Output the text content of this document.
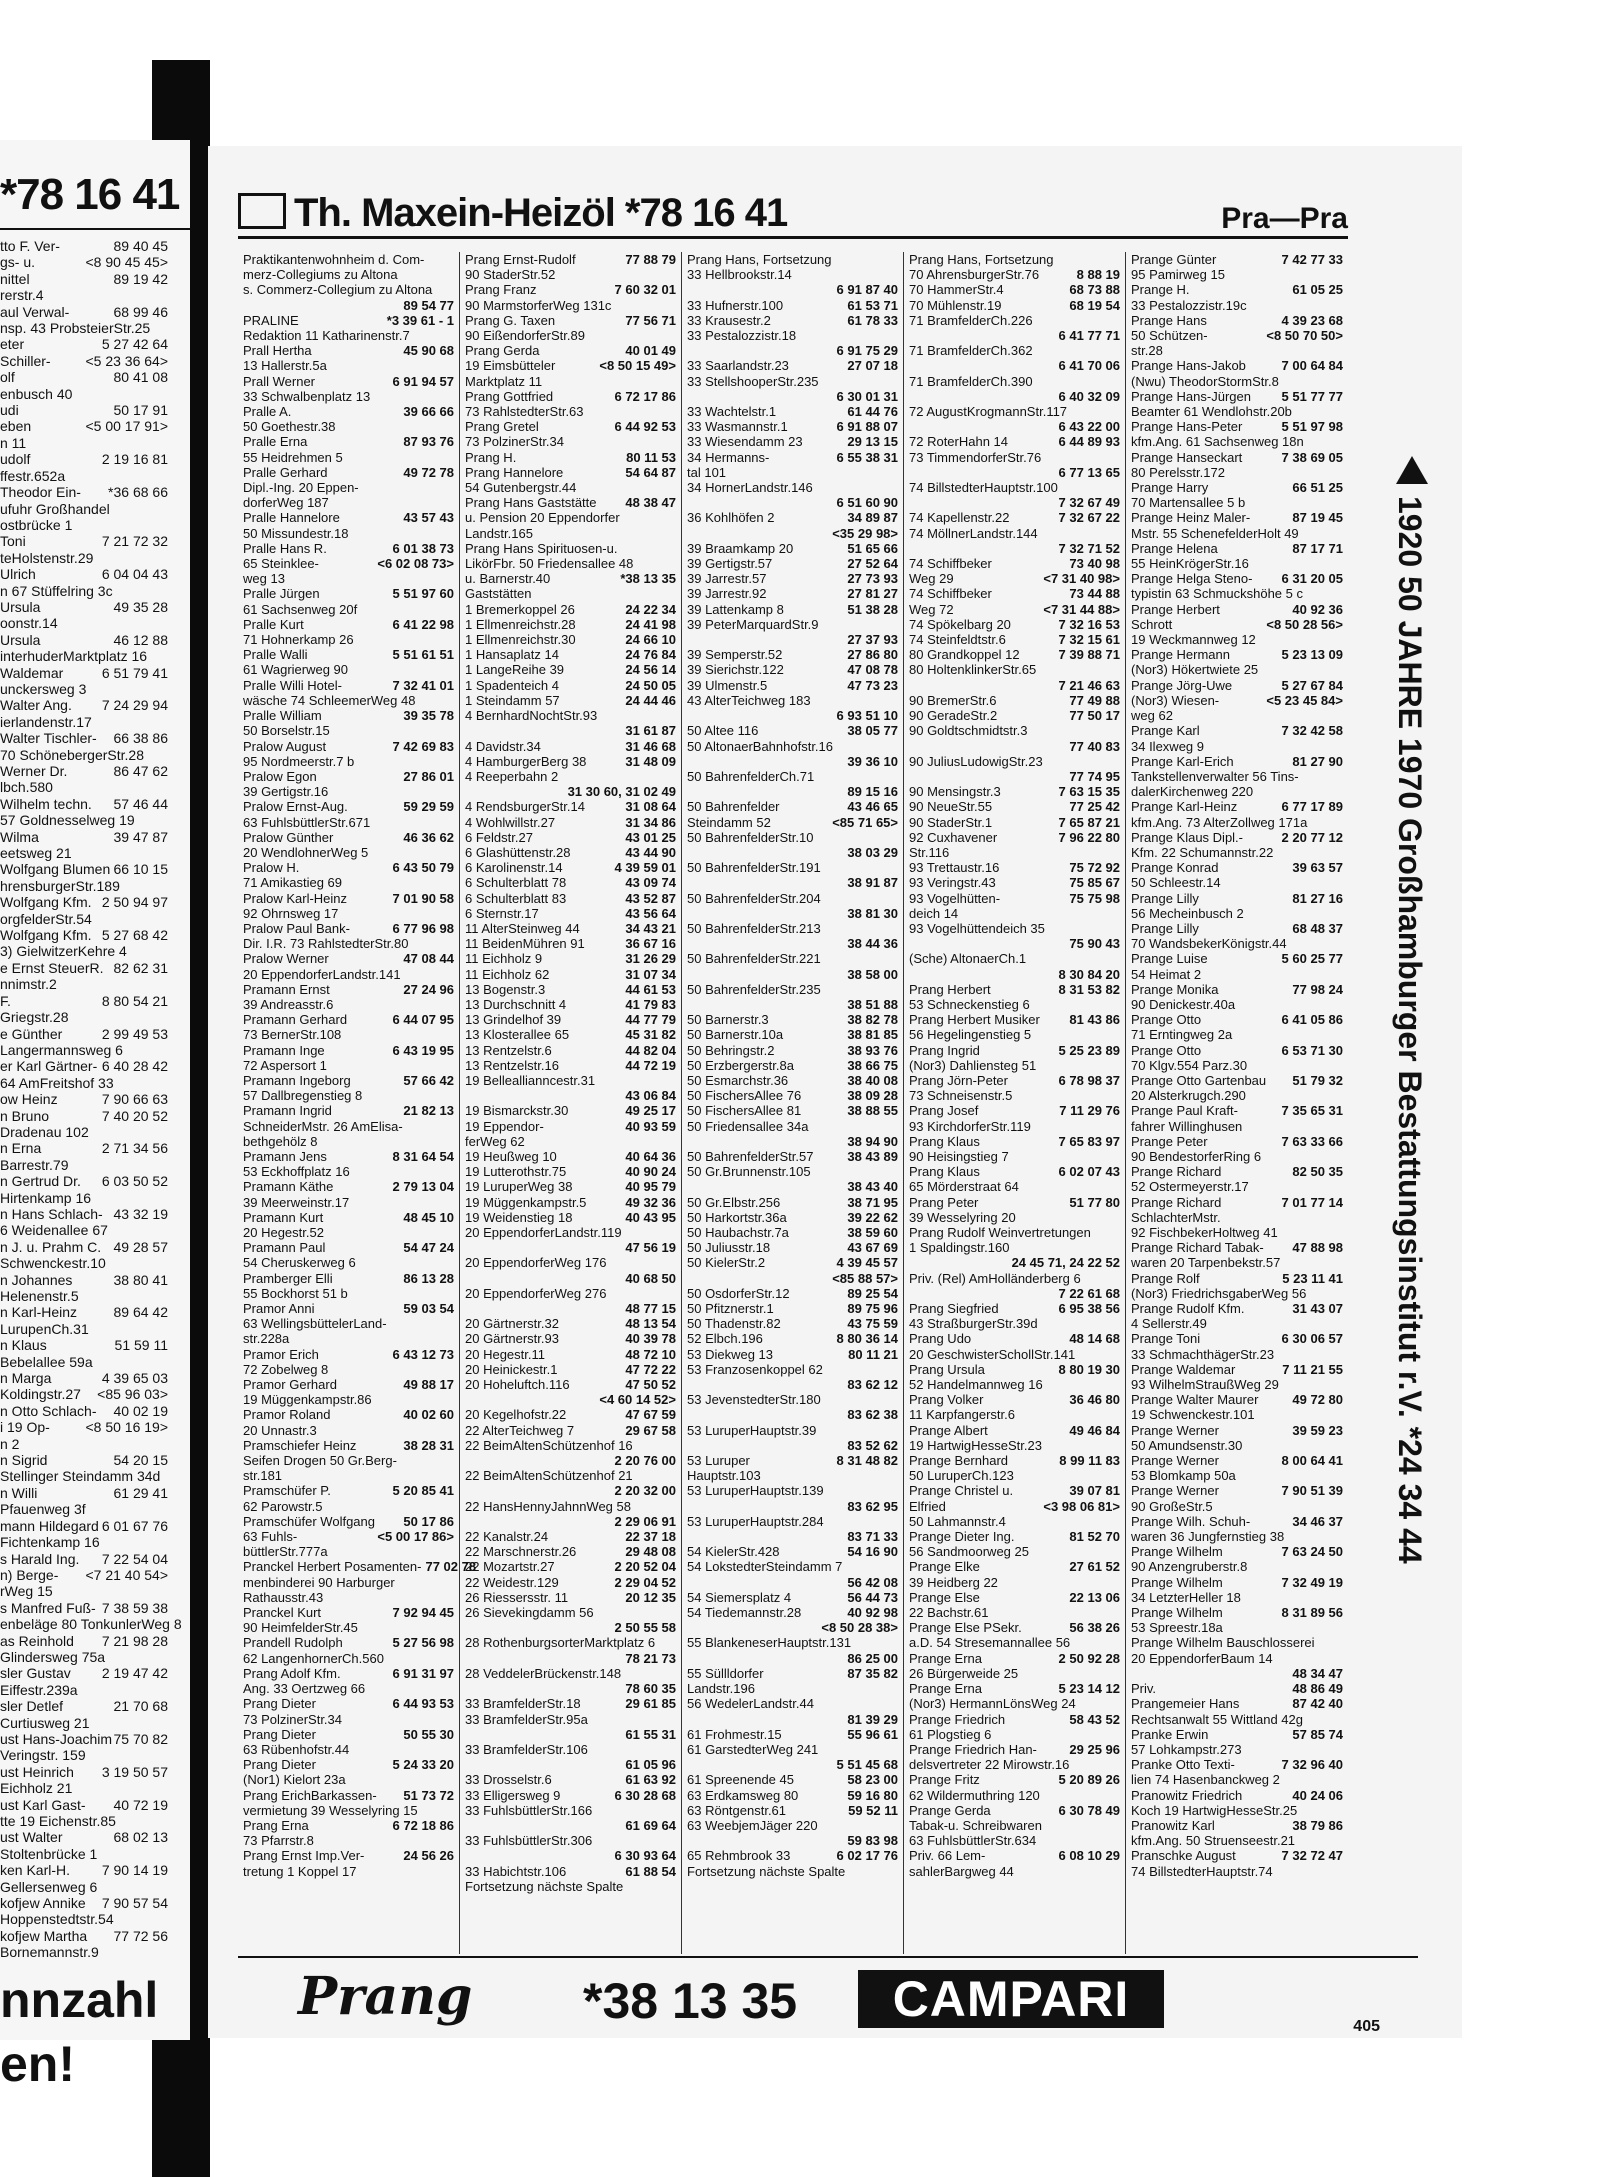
*78 16 41
tto F. Ver-	89 40 45
gs- u.	<8 90 45 45>
nittel	89 19 42
rerstr.4
aul Verwal-	68 99 46
nsp. 43 ProbsteierStr.25
eter	5 27 42 64
Schiller- <5 23 36 64>
olf	80 41 08
enbusch 40
udi	50 17 91
eben	<5 00 17 91>
n 11
udolf	2 19 16 81
ffestr.652a
Theodor Ein- *36 68 66
ufuhr Großhandel
ostbrücke 1
Toni	7 21 72 32
teHolstenstr.29
Ulrich	6 04 04 43
n 67 Stüffelring 3c
Ursula	49 35 28
oonstr.14
Ursula	46 12 88
interhuderMarktplatz 16
Waldemar	6 51 79 41
unckersweg 3
Walter Ang. 7 24 29 94
ierlandenstr.17
Walter Tischler- 66 38 86
70 SchönebergerStr.28
Werner Dr.	86 47 62
lbch.580
Wilhelm techn. 57 46 44
57 Goldnesselweg 19
Wilma	39 47 87
eetsweg 21
Wolfgang Blumen 66 10 15
hrensburgerStr.189
Wolfgang Kfm. 2 50 94 97
orgfelderStr.54
Wolfgang Kfm. 5 27 68 42
3) GielwitzerKehre 4
e Ernst SteuerR. 82 62 31
nnimstr.2
F.	8 80 54 21
Griegstr.28
e Günther	2 99 49 53
Langermannsweg 6
er Karl Gärtner- 6 40 28 42
64 AmFreitshof 33
ow Heinz	7 90 66 63
n Bruno	7 40 20 52
Dradenau 102
n Erna	2 71 34 56
Barrestr.79
n Gertrud Dr. 6 03 50 52
Hirtenkamp 16
n Hans Schlach- 43 32 19
6 Weidenallee 67
n J. u. Prahm C. 49 28 57
Schwenckestr.10
n Johannes	38 80 41
Helenenstr.5
n Karl-Heinz	89 64 42
LurupenCh.31
n Klaus	51 59 11
Bebelallee 59a
n Marga	4 39 65 03
Koldingstr.27 <85 96 03>
n Otto Schlach- 40 02 19
i 19 Op-	<8 50 16 19>
n 2
n Sigrid	54 20 15
Stellinger Steindamm 34d
n Willi	61 29 41
Pfauenweg 3f
mann Hildegard 6 01 67 76
Fichtenkamp 16
s Harald Ing. 7 22 54 04
n) Berge- <7 21 40 54>
rWeg 15
s Manfred Fuß- 7 38 59 38
enbeläge 80 TonkunlerWeg 8
as Reinhold 7 21 98 28
Glindersweg 75a
sler Gustav 2 19 47 42
Eiffestr.239a
sler Detlef	21 70 68
Curtiusweg 21
ust Hans-Joachim 75 70 82
Veringstr. 159
ust Heinrich 3 19 50 57
Eichholz 21
ust Karl Gast- 40 72 19
tte 19 Eichenstr.85
ust Walter	68 02 13
Stoltenbrücke 1
ken Karl-H. 7 90 14 19
Gellersenweg 6
kofjew Annike 7 90 57 54
Hoppenstedtstr.54
kofjew Martha 77 72 56
Bornemannstr.9
nnzahl
en!
Th. Maxein-Heizöl *78 16 41	Pra—Pra
Praktikantenwohnheim d. Com-
merz-Collegiums zu Altona
s. Commerz-Collegium zu Altona
89 54 77
PRALINE	*3 39 61 - 1
Redaktion 11 Katharinenstr.7
Prall Hertha	45 90 68
13 Hallerstr.5a
Prall Werner	6 91 94 57
33 Schwalbenplatz 13
Pralle A.	39 66 66
50 Goethestr.38
Pralle Erna	87 93 76
55 Heidrehmen 5
Pralle Gerhard	49 72 78
Dipl.-Ing. 20 Eppen-
dorferWeg 187
Pralle Hannelore	43 57 43
50 Missundestr.18
Pralle Hans R.	6 01 38 73
65 Steinklee-	<6 02 08 73>
weg 13
Pralle Jürgen	5 51 97 60
61 Sachsenweg 20f
Pralle Kurt	6 41 22 98
71 Hohnerkamp 26
Pralle Walli	5 51 61 51
61 Wagrierweg 90
Pralle Willi Hotel-	7 32 41 01
wäsche 74 SchleemerWeg 48
Pralle William	39 35 78
50 Borselstr.15
Pralow August	7 42 69 83
95 Nordmeerstr.7 b
Pralow Egon	27 86 01
39 Gertigstr.16
Pralow Ernst-Aug.	59 29 59
63 FuhlsbüttlerStr.671
Pralow Günther	46 36 62
20 WendlohnerWeg 5
Pralow H.	6 43 50 79
71 Amikastieg 69
Pralow Karl-Heinz	7 01 90 58
92 Ohrnsweg 17
Pralow Paul Bank-	6 77 96 98
Dir. I.R. 73 RahlstedterStr.80
Pralow Werner	47 08 44
20 EppendorferLandstr.141
Pramann Ernst	27 24 96
39 Andreasstr.6
Pramann Gerhard	6 44 07 95
73 BernerStr.108
Pramann Inge	6 43 19 95
72 Aspersort 1
Pramann Ingeborg	57 66 42
57 Dallbregenstieg 8
Pramann Ingrid	21 82 13
SchneiderMstr. 26 AmElisa-
bethgehölz 8
Pramann Jens	8 31 64 54
53 Eckhoffplatz 16
Pramann Käthe	2 79 13 04
39 Meerweinstr.17
Pramann Kurt	48 45 10
20 Hegestr.52
Pramann Paul	54 47 24
54 Cheruskerweg 6
Pramberger Elli	86 13 28
55 Bockhorst 51 b
Pramor Anni	59 03 54
63 WellingsbüttelerLand-
str.228a
Pramor Erich	6 43 12 73
72 Zobelweg 8
Pramor Gerhard	49 88 17
19 Müggenkampstr.86
Pramor Roland	40 02 60
20 Unnastr.3
Pramschiefer Heinz	38 28 31
Seifen Drogen 50 Gr.Berg-
str.181
Pramschüfer P.	5 20 85 41
62 Parowstr.5
Pramschüfer Wolfgang	50 17 86
63 Fuhls-	<5 00 17 86>
büttlerStr.777a
Pranckel Herbert Posamenten- 77 02 78
menbinderei 90 Harburger
Rathausstr.43
Pranckel Kurt	7 92 94 45
90 HeimfelderStr.45
Prandell Rudolph	5 27 56 98
62 LangenhornerCh.560
Prang Adolf Kfm.	6 91 31 97
Ang. 33 Oertzweg 66
Prang Dieter	6 44 93 53
73 PolzinerStr.34
Prang Dieter	50 55 30
63 Rübenhofstr.44
Prang Dieter	5 24 33 20
(Nor1) Kielort 23a
Prang ErichBarkassen-	51 73 72
vermietung 39 Wesselyring 15
Prang Erna	6 72 18 86
73 Pfarrstr.8
Prang Ernst Imp.Ver-	24 56 26
tretung 1 Koppel 17
Prang Ernst-Rudolf	77 88 79
90 StaderStr.52
Prang Franz	7 60 32 01
90 MarmstorferWeg 131c
Prang G. Taxen	77 56 71
90 EißendorferStr.89
Prang Gerda	40 01 49
19 Eimsbütteler	<8 50 15 49>
Marktplatz 11
Prang Gottfried	6 72 17 86
73 RahlstedterStr.63
Prang Gretel	6 44 92 53
73 PolzinerStr.34
Prang H.	80 11 53
Prang Hannelore	54 64 87
54 Gutenbergstr.44
Prang Hans Gaststätte	48 38 47
u. Pension 20 Eppendorfer
Landstr.165
Prang Hans Spirituosen-u.
LikörFbr. 50 Friedensallee 48
u. Barnerstr.40	*38 13 35
Gaststätten
1 Bremerkoppel 26	24 22 34
1 Ellmenreichstr.28	24 41 98
1 Ellmenreichstr.30	24 66 10
1 Hansaplatz 14	24 76 84
1 LangeReihe 39	24 56 14
1 Spadenteich 4	24 50 05
1 Steindamm 57	24 44 46
4 BernhardNochtStr.93
31 61 87
4 Davidstr.34	31 46 68
4 HamburgerBerg 38	31 48 09
4 Reeperbahn 2
31 30 60, 31 02 49
4 RendsburgerStr.14	31 08 64
4 Wohlwillstr.27	31 34 86
6 Feldstr.27	43 01 25
6 Glashüttenstr.28	43 44 90
6 Karolinenstr.14	4 39 59 01
6 Schulterblatt 78	43 09 74
6 Schulterblatt 83	43 52 87
6 Sternstr.17	43 56 64
11 AlterSteinweg 44	34 43 21
11 BeidenMühren 91	36 67 16
11 Eichholz 9	31 26 29
11 Eichholz 62	31 07 34
13 Bogenstr.3	44 61 53
13 Durchschnitt 4	41 79 83
13 Grindelhof 39	44 77 79
13 Klosterallee 65	45 31 82
13 Rentzelstr.6	44 82 04
13 Rentzelstr.16	44 72 19
19 Belleallianncestr.31
43 06 84
19 Bismarckstr.30	49 25 17
19 Eppendor-	40 93 59
ferWeg 62
19 Heußweg 10	40 64 36
19 Lutterothstr.75	40 90 24
19 LuruperWeg 38	40 95 79
19 Müggenkampstr.5	49 32 36
19 Weidenstieg 18	40 43 95
20 EppendorferLandstr.119
47 56 19
20 EppendorferWeg 176
40 68 50
20 EppendorferWeg 276
48 77 15
20 Gärtnerstr.32	48 13 54
20 Gärtnerstr.93	40 39 78
20 Hegestr.11	48 72 10
20 Heinickestr.1	47 72 22
20 Hoheluftch.116	47 50 52
<4 60 14 52>
20 Kegelhofstr.22	47 67 59
22 AlterTeichweg 7	29 67 58
22 BeimAltenSchützenhof 16
2 20 76 00
22 BeimAltenSchützenhof 21
2 20 32 00
22 HansHennyJahnnWeg 58
2 29 06 91
22 Kanalstr.24	22 37 18
22 Marschnerstr.26	29 48 08
22 Mozartstr.27	2 20 52 04
22 Weidestr.129	2 29 04 52
26 Riessersstr. 11	20 12 35
26 Sievekingdamm 56
2 50 55 58
28 RothenburgsorterMarktplatz 6
78 21 73
28 VeddelerBrückenstr.148
78 60 35
33 BramfelderStr.18	29 61 85
33 BramfelderStr.95a
61 55 31
33 BramfelderStr.106
61 05 96
33 Drosselstr.6	61 63 92
33 Elligersweg 9	6 30 28 68
33 FuhlsbüttlerStr.166
61 69 64
33 FuhlsbüttlerStr.306
6 30 93 64
33 Habichtstr.106	61 88 54
Fortsetzung nächste Spalte
Prang Hans, Fortsetzung
33 Hellbrookstr.14
6 91 87 40
33 Hufnerstr.100	61 53 71
33 Krausestr.2	61 78 33
33 Pestalozzistr.18
6 91 75 29
33 Saarlandstr.23	27 07 18
33 StellshooperStr.235
6 30 01 31
33 Wachtelstr.1	61 44 76
33 Wasmannstr.1	6 91 88 07
33 Wiesendamm 23	29 13 15
34 Hermanns-	6 55 38 31
tal 101
34 HornerLandstr.146
6 51 60 90
36 Kohlhöfen 2	34 89 87
<35 29 98>
39 Braamkamp 20	51 65 66
39 Gertigstr.57	27 52 64
39 Jarrestr.57	27 73 93
39 Jarrestr.92	27 81 27
39 Lattenkamp 8	51 38 28
39 PeterMarquardStr.9
27 37 93
39 Semperstr.52	27 86 80
39 Sierichstr.122	47 08 78
39 Ulmenstr.5	47 73 23
43 AlterTeichweg 183
6 93 51 10
50 Altee 116	38 05 77
50 AltonaerBahnhofstr.16
39 36 10
50 BahrenfelderCh.71
89 15 16
50 Bahrenfelder	43 46 65
Steindamm 52	<85 71 65>
50 BahrenfelderStr.10
38 03 29
50 BahrenfelderStr.191
38 91 87
50 BahrenfelderStr.204
38 81 30
50 BahrenfelderStr.213
38 44 36
50 BahrenfelderStr.221
38 58 00
50 BahrenfelderStr.235
38 51 88
50 Barnerstr.3	38 82 78
50 Barnerstr.10a	38 81 85
50 Behringstr.2	38 93 76
50 Erzbergerstr.8a	38 66 75
50 Esmarchstr.36	38 40 08
50 FischersAllee 76	38 09 28
50 FischersAllee 81	38 88 55
50 Friedensallee 34a
38 94 90
50 BahrenfelderStr.57	38 43 89
50 Gr.Brunnenstr.105
38 43 40
50 Gr.Elbstr.256	38 71 95
50 Harkortstr.36a	39 22 62
50 Haubachstr.7a	38 59 60
50 Juliusstr.18	43 67 69
50 KielerStr.2	4 39 45 57
<85 88 57>
50 OsdorferStr.12	89 25 54
50 Pfitznerstr.1	89 75 96
50 Thadenstr.82	43 75 59
52 Elbch.196	8 80 36 14
53 Diekweg 13	80 11 21
53 Franzosenkoppel 62
83 62 12
53 JevenstedterStr.180
83 62 38
53 LuruperHauptstr.39
83 52 62
53 Luruper	8 31 48 82
Hauptstr.103
53 LuruperHauptstr.139
83 62 95
53 LuruperHauptstr.284
83 71 33
54 KielerStr.428	54 16 90
54 LokstedterSteindamm 7
56 42 08
54 Siemersplatz 4	56 44 73
54 Tiedemannstr.28	40 92 98
<8 50 28 38>
55 BlankeneserHauptstr.131
86 25 00
55 Süllldorfer	87 35 82
Landstr.196
56 WedelerLandstr.44
81 39 29
61 Frohmestr.15	55 96 61
61 GarstedterWeg 241
5 51 45 68
61 Spreenende 45	58 23 00
63 Erdkamsweg 80	59 16 80
63 Röntgenstr.61	59 52 11
63 WeebjemJäger 220
59 83 98
65 Rehmbrook 33	6 02 17 76
Fortsetzung nächste Spalte
Prang Hans, Fortsetzung
70 AhrensburgerStr.76	8 88 19
70 HammerStr.4	68 73 88
70 Mühlenstr.19	68 19 54
71 BramfelderCh.226
6 41 77 71
71 BramfelderCh.362
6 41 70 06
71 BramfelderCh.390
6 40 32 09
72 AugustKrogmannStr.117
6 43 22 00
72 RoterHahn 14	6 44 89 93
73 TimmendorferStr.76
6 77 13 65
74 BillstedterHauptstr.100
7 32 67 49
74 Kapellenstr.22	7 32 67 22
74 MöllnerLandstr.144
7 32 71 52
74 Schiffbeker	73 40 98
Weg 29	<7 31 40 98>
74 Schiffbeker	73 44 88
Weg 72	<7 31 44 88>
74 Spökelbarg 20	7 32 16 53
74 Steinfeldtstr.6	7 32 15 61
80 Grandkoppel 12	7 39 88 71
80 HoltenklinkerStr.65
7 21 46 63
90 BremerStr.6	77 49 88
90 GeradeStr.2	77 50 17
90 Goldtschmidtstr.3
77 40 83
90 JuliusLudowigStr.23
77 74 95
90 Mensingstr.3	7 63 15 35
90 NeueStr.55	77 25 42
90 StaderStr.1	7 65 87 21
92 Cuxhavener	7 96 22 80
Str.116
93 Trettaustr.16	75 72 92
93 Veringstr.43	75 85 67
93 Vogelhütten-	75 75 98
deich 14
93 Vogelhüttendeich 35
75 90 43
(Sche) AltonaerCh.1
8 30 84 20
Prang Herbert	8 31 53 82
53 Schneckenstieg 6
Prang Herbert Musiker	81 43 86
56 Hegelingenstieg 5
Prang Ingrid	5 25 23 89
(Nor3) Dahliensteg 51
Prang Jörn-Peter	6 78 98 37
73 Schneisenstr.5
Prang Josef	7 11 29 76
93 KirchdorferStr.119
Prang Klaus	7 65 83 97
90 Heisingstieg 7
Prang Klaus	6 02 07 43
65 Mörderstraat 64
Prang Peter	51 77 80
39 Wesselyring 20
Prang Rudolf Weinvertretungen
1 Spaldingstr.160
24 45 71, 24 22 52
Priv. (Rel) AmHolländerberg 6
7 22 61 68
Prang Siegfried	6 95 38 56
43 StraßburgerStr.39d
Prang Udo	48 14 68
20 GeschwisterSchollStr.141
Prang Ursula	8 80 19 30
52 Handelmannweg 16
Prang Volker	36 46 80
11 Karpfangerstr.6
Prange Albert	49 46 84
19 HartwigHesseStr.23
Prange Bernhard	8 99 11 83
50 LuruperCh.123
Prange Christel u.	39 07 81
Elfried	<3 98 06 81>
50 Lahmannstr.4
Prange Dieter Ing.	81 52 70
56 Sandmoorweg 25
Prange Elke	27 61 52
39 Heidberg 22
Prange Else	22 13 06
22 Bachstr.61
Prange Else PSekr.	56 38 26
a.D. 54 Stresemannallee 56
Prange Erna	2 50 92 28
26 Bürgerweide 25
Prange Erna	5 23 14 12
(Nor3) HermannLönsWeg 24
Prange Friedrich	58 43 52
61 Plogstieg 6
Prange Friedrich Han-	29 25 96
delsvertreter 22 Mirowstr.16
Prange Fritz	5 20 89 26
62 Wildermuthring 120
Prange Gerda	6 30 78 49
Tabak-u. Schreibwaren
63 FuhlsbüttlerStr.634
Priv. 66 Lem-	6 08 10 29
sahlerBargweg 44
Prange Günter	7 42 77 33
95 Pamirweg 15
Prange H.	61 05 25
33 Pestalozzistr.19c
Prange Hans	4 39 23 68
50 Schützen-	<8 50 70 50>
str.28
Prange Hans-Jakob	7 00 64 84
(Nwu) TheodorStormStr.8
Prange Hans-Jürgen	5 51 77 77
Beamter 61 Wendlohstr.20b
Prange Hans-Peter	5 51 97 98
kfm.Ang. 61 Sachsenweg 18n
Prange Hanseckart	7 38 69 05
80 Perelsstr.172
Prange Harry	66 51 25
70 Martensallee 5 b
Prange Heinz Maler-	87 19 45
Mstr. 55 SchenefelderHolt 49
Prange Helena	87 17 71
55 HeinKrögerStr.16
Prange Helga Steno-	6 31 20 05
typistin 63 Schmuckshöhe 5 c
Prange Herbert	40 92 36
Schrott	<8 50 28 56>
19 Weckmannweg 12
Prange Hermann	5 23 13 09
(Nor3) Hökertwiete 25
Prange Jörg-Uwe	5 27 67 84
(Nor3) Wiesen-	<5 23 45 84>
weg 62
Prange Karl	7 32 42 58
34 Ilexweg 9
Prange Karl-Erich	81 27 90
Tankstellenverwalter 56 Tins-
dalerKirchenweg 220
Prange Karl-Heinz	6 77 17 89
kfm.Ang. 73 AlterZollweg 171a
Prange Klaus Dipl.-	2 20 77 12
Kfm. 22 Schumannstr.22
Prange Konrad	39 63 57
50 Schleestr.14
Prange Lilly	81 27 16
56 Mecheinbusch 2
Prange Lilly	68 48 37
70 WandsbekerKönigstr.44
Prange Luise	5 60 25 77
54 Heimat 2
Prange Monika	77 98 24
90 Denickestr.40a
Prange Otto	6 41 05 86
71 Erntingweg 2a
Prange Otto	6 53 71 30
70 Klgv.554 Parz.30
Prange Otto Gartenbau	51 79 32
20 Alsterkrugch.290
Prange Paul Kraft-	7 35 65 31
fahrer Willinghusen
Prange Peter	7 63 33 66
90 BendestorferRing 6
Prange Richard	82 50 35
52 Ostermeyerstr.17
Prange Richard	7 01 77 14
SchlachterMstr.
92 FischbekerHoltweg 41
Prange Richard Tabak-	47 88 98
waren 20 Tarpenbekstr.57
Prange Rolf	5 23 11 41
(Nor3) FriedrichsgaberWeg 56
Prange Rudolf Kfm.	31 43 07
4 Sellerstr.49
Prange Toni	6 30 06 57
33 SchmachthägerStr.23
Prange Waldemar	7 11 21 55
93 WilhelmStraußWeg 29
Prange Walter Maurer	49 72 80
19 Schwenckestr.101
Prange Werner	39 59 23
50 Amundsenstr.30
Prange Werner	8 00 64 41
53 Blomkamp 50a
Prange Werner	7 90 51 39
90 GroßeStr.5
Prange Wilh. Schuh-	34 46 37
waren 36 Jungfernstieg 38
Prange Wilhelm	7 63 24 50
90 Anzengruberstr.8
Prange Wilhelm	7 32 49 19
34 LetzterHeller 18
Prange Wilhelm	8 31 89 56
53 Spreestr.18a
Prange Wilhelm Bauschlosserei
20 EppendorferBaum 14
48 34 47
Priv.	48 86 49
Prangemeier Hans	87 42 40
Rechtsanwalt 55 Wittland 42g
Pranke Erwin	57 85 74
57 Lohkampstr.273
Pranke Otto Texti-	7 32 96 40
lien 74 Hasenbanckweg 2
Pranowitz Friedrich	40 24 06
Koch 19 HartwigHesseStr.25
Pranowitz Karl	38 79 86
kfm.Ang. 50 Struenseestr.21
Pranschke August	7 32 72 47
74 BillstedterHauptstr.74
1920 50 JAHRE 1970 Großhamburger Bestattungsinstitut r.V. *24 34 44
Prang *38 13 35	CAMPARI	405
